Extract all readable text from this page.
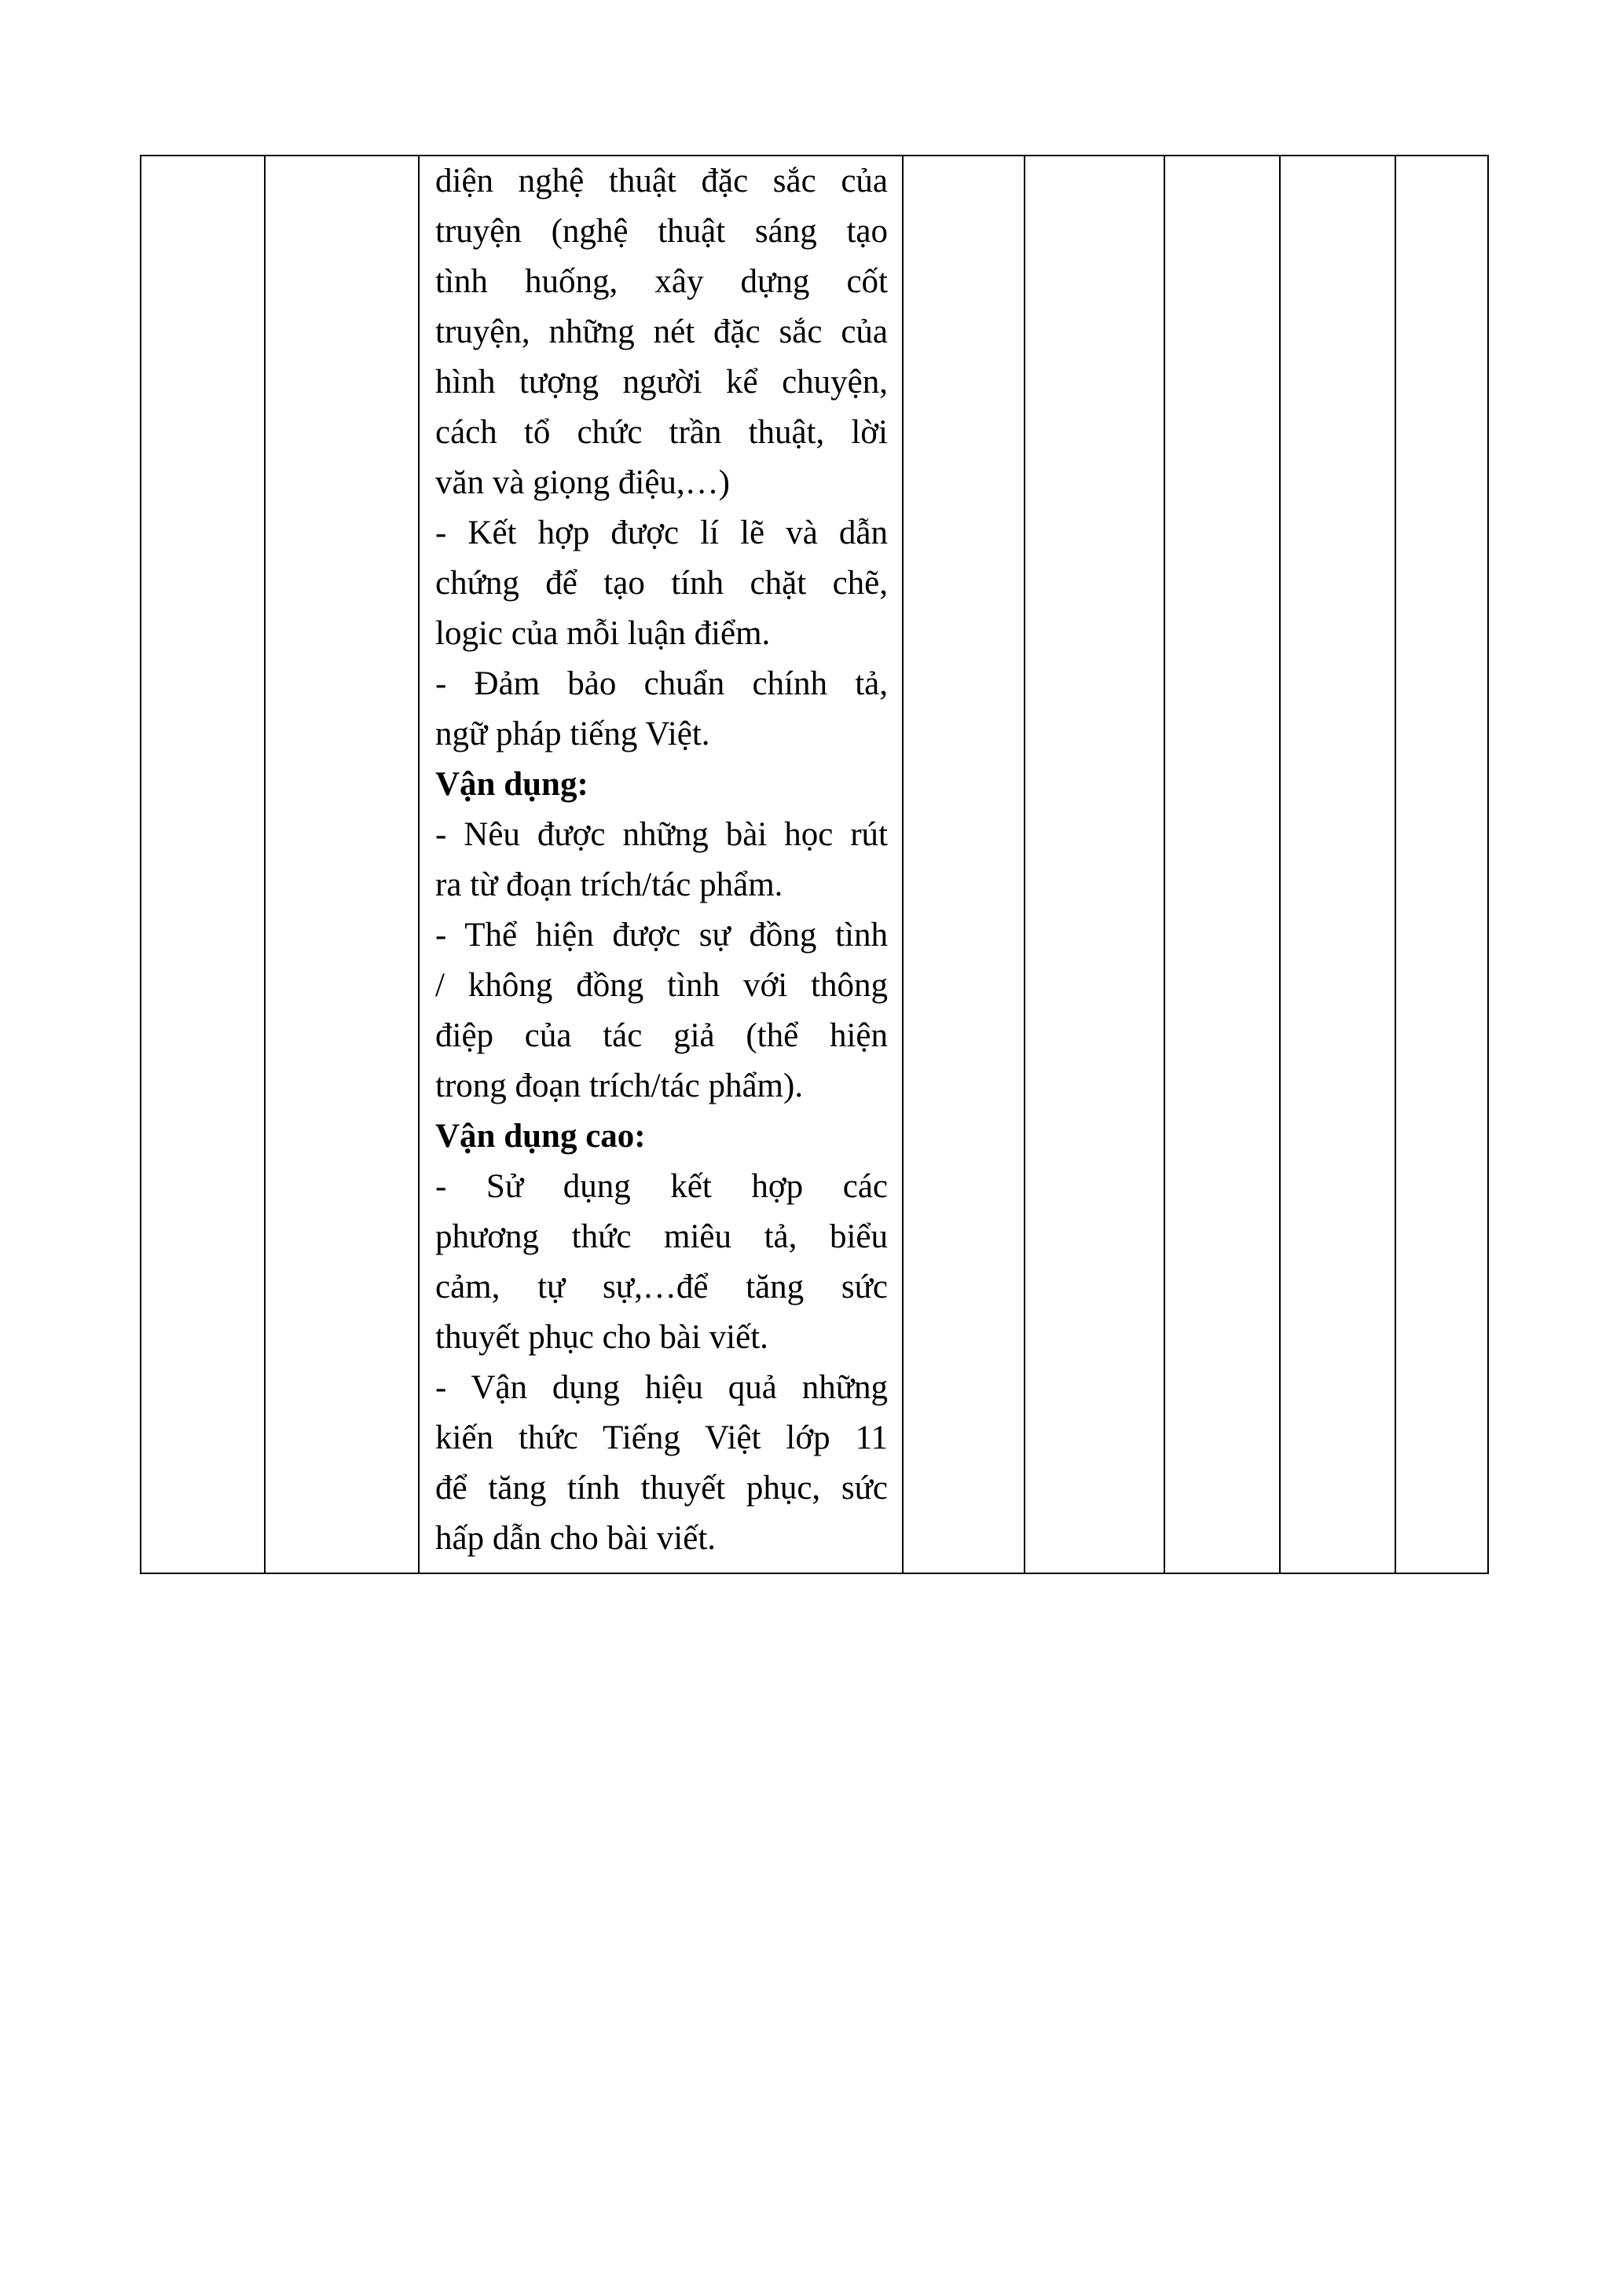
diện nghệ thuật đặc sắc của
truyện (nghệ thuật sáng tạo
tình huống, xây dựng cốt
truyện, những nét đặc sắc của
hình tượng người kể chuyện,
cách tổ chức trần thuật, lời
văn và giọng điệu,…)
- Kết hợp được lí lẽ và dẫn
chứng để tạo tính chặt chẽ,
logic của mỗi luận điểm.
- Đảm bảo chuẩn chính tả,
ngữ pháp tiếng Việt.
Vận dụng:
- Nêu được những bài học rút
ra từ đoạn trích/tác phẩm.
- Thể hiện được sự đồng tình
/ không đồng tình với thông
điệp của tác giả (thể hiện
trong đoạn trích/tác phẩm).
Vận dụng cao:
- Sử dụng kết hợp các
phương thức miêu tả, biểu
cảm, tự sự,…để tăng sức
thuyết phục cho bài viết.
- Vận dụng hiệu quả những
kiến thức Tiếng Việt lớp 11
để tăng tính thuyết phục, sức
hấp dẫn cho bài viết.
